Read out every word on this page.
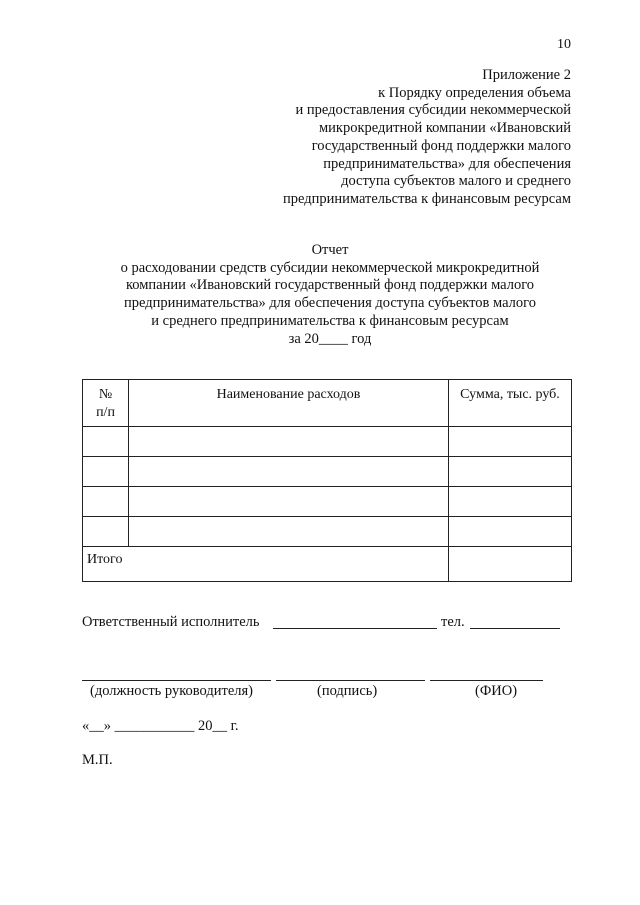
10
Приложение 2
к Порядку определения объема
и предоставления субсидии некоммерческой
микрокредитной компании «Ивановский
государственный фонд поддержки малого
предпринимательства» для обеспечения
доступа субъектов малого и среднего
предпринимательства к финансовым ресурсам
Отчет
о расходовании средств субсидии некоммерческой микрокредитной
компании «Ивановский государственный фонд поддержки малого
предпринимательства» для обеспечения доступа субъектов малого
и среднего предпринимательства к финансовым ресурсам
за 20____ год
№
п/п	Наименование расходов	Сумма, тыс. руб.

Итого		
Ответственный исполнитель	тел.
(должность руководителя)	(подпись)	(ФИО)
«__» ___________ 20__ г.
М.П.
